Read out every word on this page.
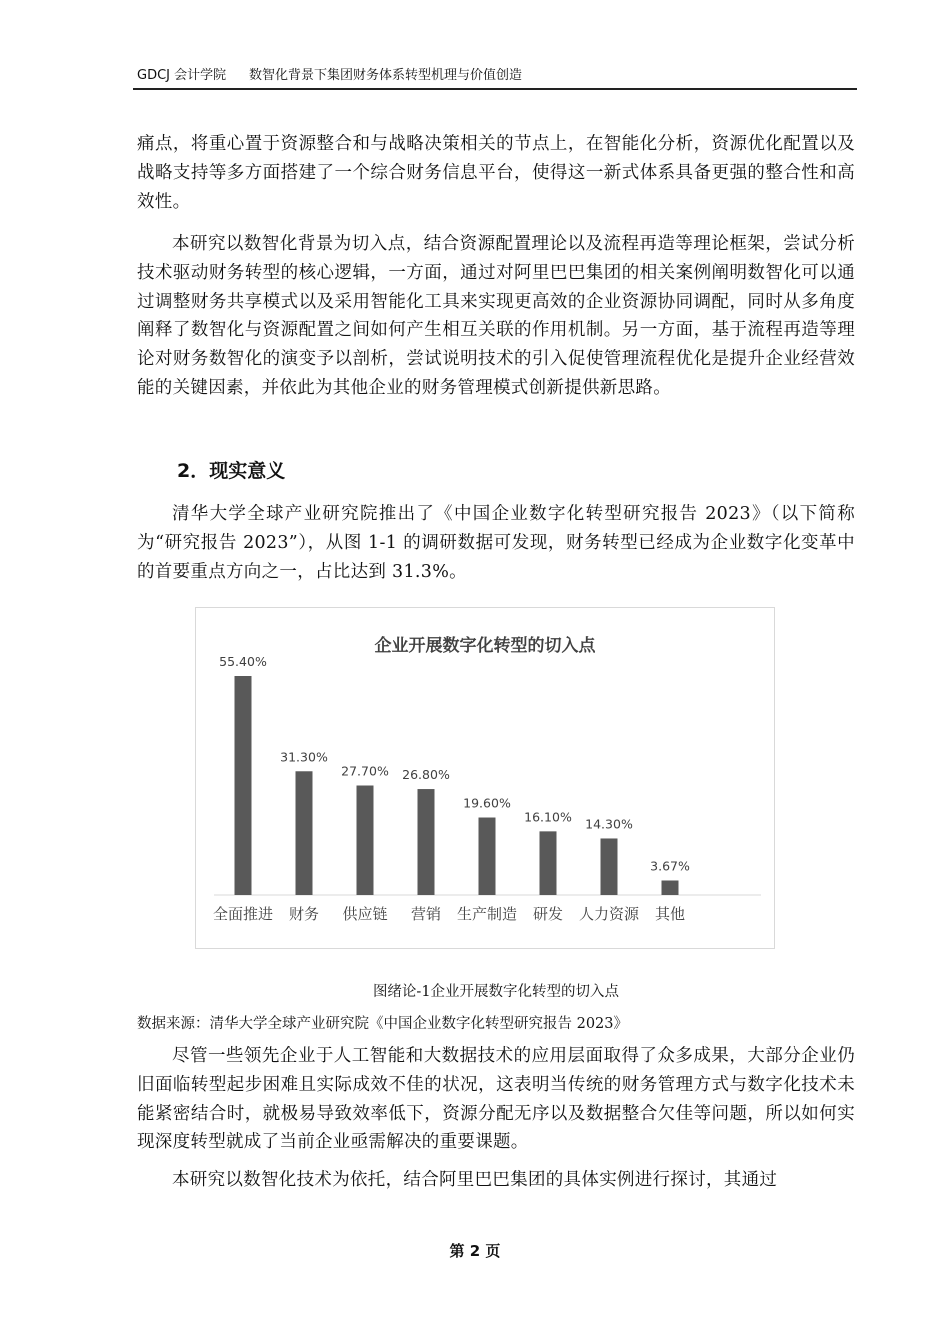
GDCJ 会计学院 数智化背景下集团财务体系转型机理与价值创造

痛点，将重心置于资源整合和与战略决策相关的节点上，在智能化分析，资源优化配置以及战略支持等多方面搭建了一个综合财务信息平台，使得这一新式体系具备更强的整合性和高效性。

本研究以数智化背景为切入点，结合资源配置理论以及流程再造等理论框架，尝试分析技术驱动财务转型的核心逻辑，一方面，通过对阿里巴巴集团的相关案例阐明数智化可以通过调整财务共享模式以及采用智能化工具来实现更高效的企业资源协同调配，同时从多角度阐释了数智化与资源配置之间如何产生相互关联的作用机制。另一方面，基于流程再造等理论对财务数智化的演变予以剖析，尝试说明技术的引入促使管理流程优化是提升企业经营效能的关键因素，并依此为其他企业的财务管理模式创新提供新思路。

2．现实意义

清华大学全球产业研究院推出了《中国企业数字化转型研究报告 2023》（以下简称为“研究报告 2023”），从图 1-1 的调研数据可发现，财务转型已经成为企业数字化变革中的首要重点方向之一，占比达到 31.3%。

企业开展数字化转型的切入点
55.40%
全面推进
31.30%
财务
27.70%
供应链
26.80%
营销
19.60%
生产制造
16.10%
研发
14.30%
人力资源
3.67%
其他
图绪论-1企业开展数字化转型的切入点
数据来源：清华大学全球产业研究院《中国企业数字化转型研究报告 2023》

尽管一些领先企业于人工智能和大数据技术的应用层面取得了众多成果，大部分企业仍旧面临转型起步困难且实际成效不佳的状况，这表明当传统的财务管理方式与数字化技术未能紧密结合时，就极易导致效率低下，资源分配无序以及数据整合欠佳等问题，所以如何实现深度转型就成了当前企业亟需解决的重要课题。

本研究以数智化技术为依托，结合阿里巴巴集团的具体实例进行探讨，其通过

第 2 页
